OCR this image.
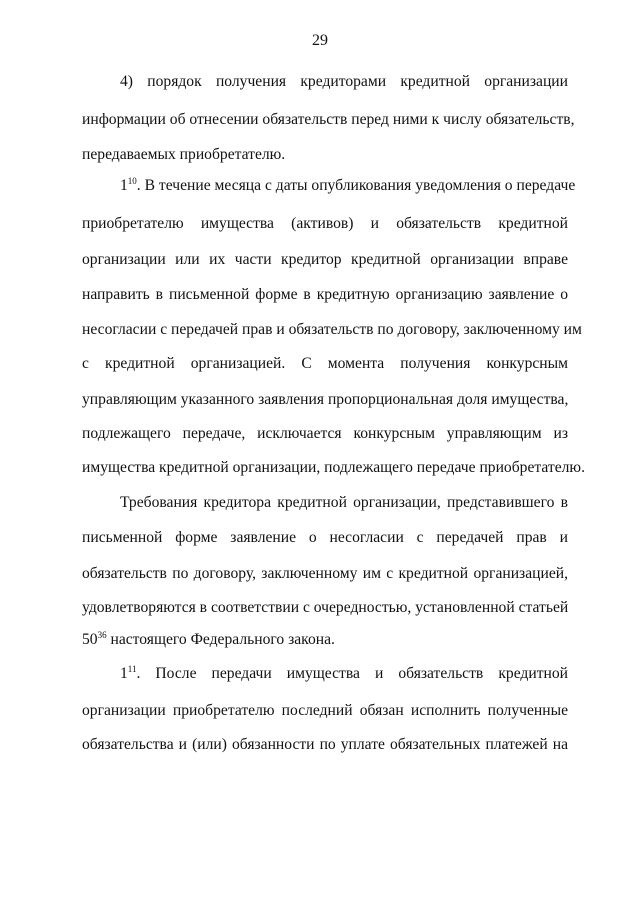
29
4) порядок получения кредиторами кредитной организации
информации об отнесении обязательств перед ними к числу обязательств,
передаваемых приобретателю.
$1^{10}$. В течение месяца с даты опубликования уведомления о передаче
приобретателю имущества (активов) и обязательств кредитной
организации или их части кредитор кредитной организации вправе
направить в письменной форме в кредитную организацию заявление о
несогласии с передачей прав и обязательств по договору, заключенному им
с кредитной организацией. С момента получения конкурсным
управляющим указанного заявления пропорциональная доля имущества,
подлежащего передаче, исключается конкурсным управляющим из
имущества кредитной организации, подлежащего передаче приобретателю.
Требования кредитора кредитной организации, представившего в
письменной форме заявление о несогласии с передачей прав и
обязательств по договору, заключенному им с кредитной организацией,
удовлетворяются в соответствии с очередностью, установленной статьей
$50^{36}$ настоящего Федерального закона.
$1^{11}$. После передачи имущества и обязательств кредитной
организации приобретателю последний обязан исполнить полученные
обязательства и (или) обязанности по уплате обязательных платежей на
